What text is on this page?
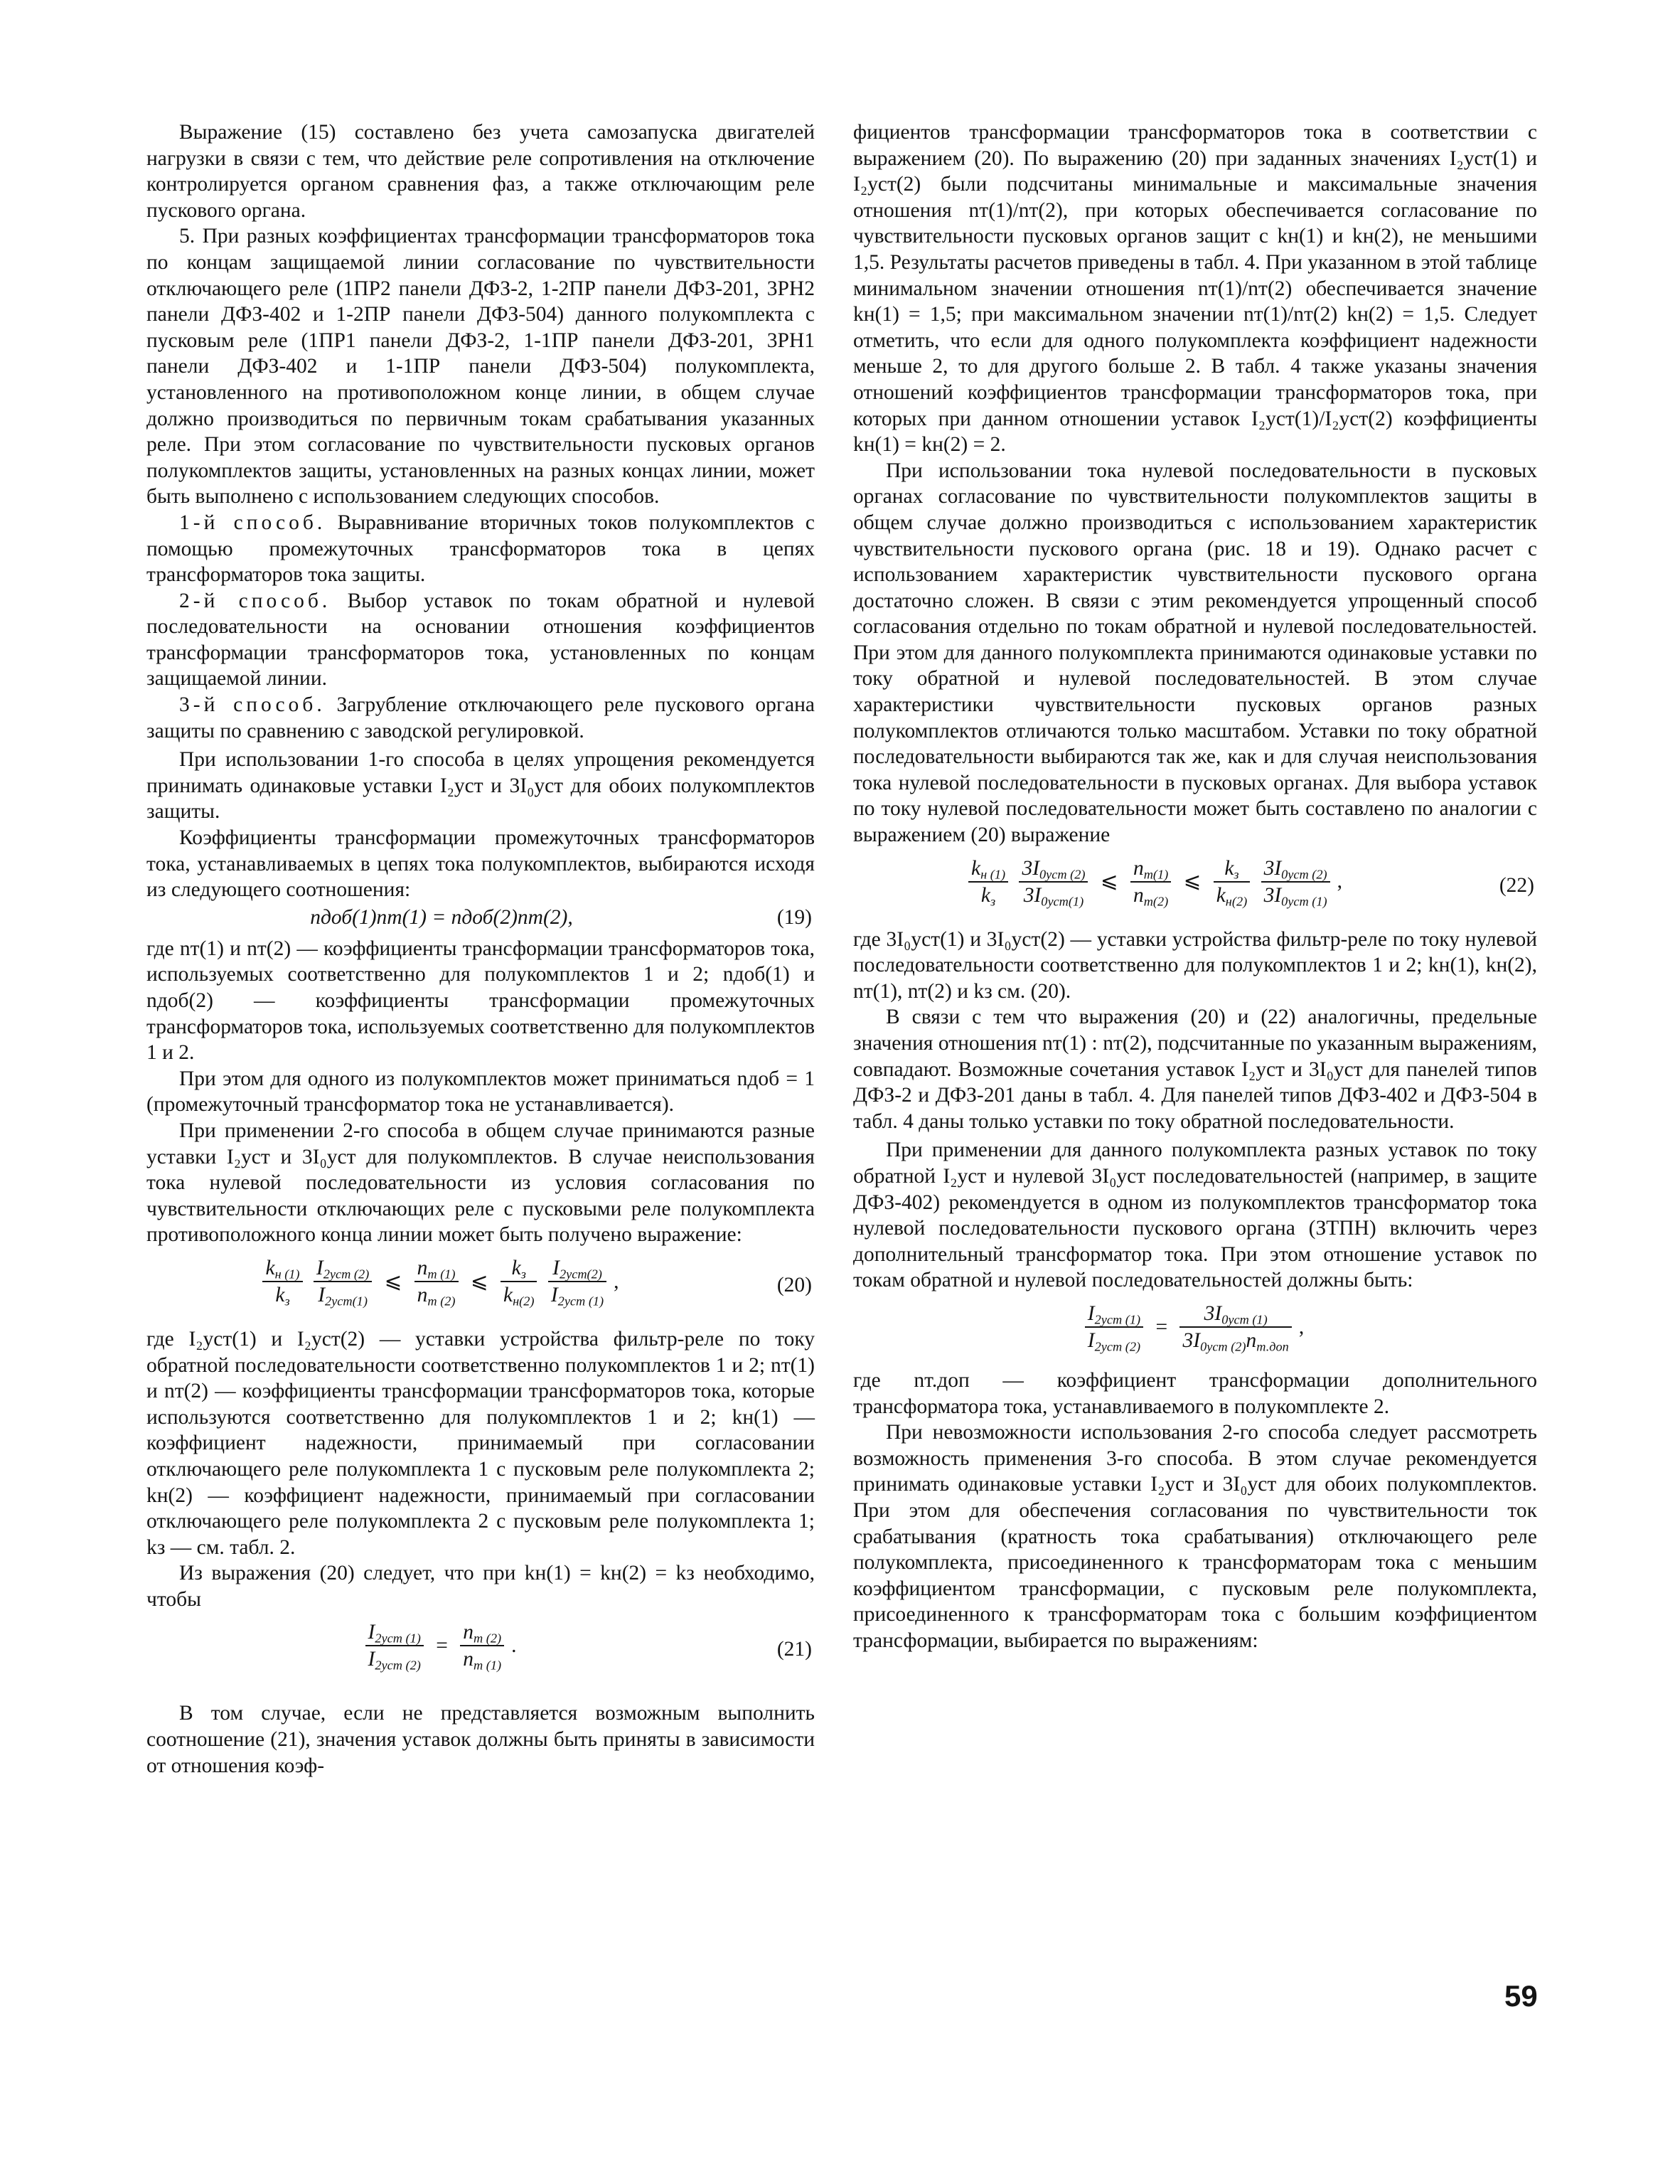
Выражение (15) составлено без учета самозапуска двигателей нагрузки в связи с тем, что действие реле сопротивления на отключение контролируется органом сравнения фаз, а также отключающим реле пускового органа.

5. При разных коэффициентах трансформации трансформаторов тока по концам защищаемой линии согласование по чувствительности отключающего реле (1ПР2 панели ДФЗ-2, 1-2ПР панели ДФЗ-201, 3РН2 панели ДФЗ-402 и 1-2ПР панели ДФЗ-504) данного полукомплекта с пусковым реле (1ПР1 панели ДФЗ-2, 1-1ПР панели ДФЗ-201, 3РН1 панели ДФЗ-402 и 1-1ПР панели ДФЗ-504) полукомплекта, установленного на противоположном конце линии, в общем случае должно производиться по первичным токам срабатывания указанных реле. При этом согласование по чувствительности пусковых органов полукомплектов защиты, установленных на разных концах линии, может быть выполнено с использованием следующих способов.

1-й способ. Выравнивание вторичных токов полукомплектов с помощью промежуточных трансформаторов тока в цепях трансформаторов тока защиты.

2-й способ. Выбор уставок по токам обратной и нулевой последовательности на основании отношения коэффициентов трансформации трансформаторов тока, установленных по концам защищаемой линии.

3-й способ. Загрубление отключающего реле пускового органа защиты по сравнению с заводской регулировкой.

При использовании 1-го способа в целях упрощения рекомендуется принимать одинаковые уставки I₂уст и 3I₀уст для обоих полукомплектов защиты.

Коэффициенты трансформации промежуточных трансформаторов тока, устанавливаемых в цепях тока полукомплектов, выбираются исходя из следующего соотношения:

nдоб(1)nт(1) = nдоб(2)nт(2),	(19)

где nт(1) и nт(2) — коэффициенты трансформации трансформаторов тока, используемых соответственно для полукомплектов 1 и 2; nдоб(1) и nдоб(2) — коэффициенты трансформации промежуточных трансформаторов тока, используемых соответственно для полукомплектов 1 и 2.

При этом для одного из полукомплектов может приниматься nдоб = 1 (промежуточный трансформатор тока не устанавливается).

При применении 2-го способа в общем случае принимаются разные уставки I₂уст и 3I₀уст для полукомплектов. В случае неиспользования тока нулевой последовательности из условия согласования по чувствительности отключающих реле с пусковыми реле полукомплекта противоположного конца линии может быть получено выражение:

$\frac{k_{н (1)}}{k_з}$
$\frac{I_{2уст (2)}}{I_{2уст(1)}}$ ⩽ $\frac{n_{т (1)}}{n_{т (2)}}$ ⩽ $\frac{k_з}{k_{н(2)}}$
$\frac{I_{2уст(2)}}{I_{2уст (1)}}$ ,	(20)

где I₂уст(1) и I₂уст(2) — уставки устройства фильтр-реле по току обратной последовательности соответственно полукомплектов 1 и 2; nт(1) и nт(2) — коэффициенты трансформации трансформаторов тока, которые используются соответственно для полукомплектов 1 и 2; kн(1) — коэффициент надежности, принимаемый при согласовании отключающего реле полукомплекта 1 с пусковым реле полукомплекта 2; kн(2) — коэффициент надежности, принимаемый при согласовании отключающего реле полукомплекта 2 с пусковым реле полукомплекта 1; kз — см. табл. 2.

Из выражения (20) следует, что при kн(1) = kн(2) = kз необходимо, чтобы

$\frac{I_{2уст (1)}}{I_{2уст (2)}} = \frac{n_{т (2)}}{n_{т (1)}}$ .	(21)

В том случае, если не представляется возможным выполнить соотношение (21), значения уставок должны быть приняты в зависимости от отношения коэф-

фициентов трансформации трансформаторов тока в соответствии с выражением (20). По выражению (20) при заданных значениях I₂уст(1) и I₂уст(2) были подсчитаны минимальные и максимальные значения отношения nт(1)/nт(2), при которых обеспечивается согласование по чувствительности пусковых органов защит с kн(1) и kн(2), не меньшими 1,5. Результаты расчетов приведены в табл. 4. При указанном в этой таблице минимальном значении отношения nт(1)/nт(2) обеспечивается значение kн(1) = 1,5; при максимальном значении nт(1)/nт(2) kн(2) = 1,5. Следует отметить, что если для одного полукомплекта коэффициент надежности меньше 2, то для другого больше 2. В табл. 4 также указаны значения отношений коэффициентов трансформации трансформаторов тока, при которых при данном отношении уставок I₂уст(1)/I₂уст(2) коэффициенты kн(1) = kн(2) = 2.

При использовании тока нулевой последовательности в пусковых органах согласование по чувствительности полукомплектов защиты в общем случае должно производиться с использованием характеристик чувствительности пускового органа (рис. 18 и 19). Однако расчет с использованием характеристик чувствительности пускового органа достаточно сложен. В связи с этим рекомендуется упрощенный способ согласования отдельно по токам обратной и нулевой последовательностей. При этом для данного полукомплекта принимаются одинаковые уставки по току обратной и нулевой последовательностей. В этом случае характеристики чувствительности пусковых органов разных полукомплектов отличаются только масштабом. Уставки по току обратной последовательности выбираются так же, как и для случая неиспользования тока нулевой последовательности в пусковых органах. Для выбора уставок по току нулевой последовательности может быть составлено по аналогии с выражением (20) выражение

$\frac{k_{н (1)}}{k_з}$
$\frac{3I_{0уст (2)}}{3I_{0уст(1)}}$ ⩽ $\frac{n_{т(1)}}{n_{т(2)}}$ ⩽ $\frac{k_з}{k_{н(2)}}$
$\frac{3I_{0уст (2)}}{3I_{0уст (1)}}$ ,	(22)

где 3I₀уст(1) и 3I₀уст(2) — уставки устройства фильтр-реле по току нулевой последовательности соответственно для полукомплектов 1 и 2; kн(1), kн(2), nт(1), nт(2) и kз см. (20).

В связи с тем что выражения (20) и (22) аналогичны, предельные значения отношения nт(1) : nт(2), подсчитанные по указанным выражениям, совпадают. Возможные сочетания уставок I₂уст и 3I₀уст для панелей типов ДФЗ-2 и ДФЗ-201 даны в табл. 4. Для панелей типов ДФЗ-402 и ДФЗ-504 в табл. 4 даны только уставки по току обратной последовательности.

При применении для данного полукомплекта разных уставок по току обратной I₂уст и нулевой 3I₀уст последовательностей (например, в защите ДФЗ-402) рекомендуется в одном из полукомплектов трансформатор тока нулевой последовательности пускового органа (ЗТПН) включить через дополнительный трансформатор тока. При этом отношение уставок по токам обратной и нулевой последовательностей должны быть:

$\frac{I_{2уст (1)}}{I_{2уст (2)}} = \frac{3I_{0уст (1)}}{3I_{0уст (2)}n_{т.доп}}$ ,

где nт.доп — коэффициент трансформации дополнительного трансформатора тока, устанавливаемого в полукомплекте 2.

При невозможности использования 2-го способа следует рассмотреть возможность применения 3-го способа. В этом случае рекомендуется принимать одинаковые уставки I₂уст и 3I₀уст для обоих полукомплектов. При этом для обеспечения согласования по чувствительности ток срабатывания (кратность тока срабатывания) отключающего реле полукомплекта, присоединенного к трансформаторам тока с меньшим коэффициентом трансформации, с пусковым реле полукомплекта, присоединенного к трансформаторам тока с большим коэффициентом трансформации, выбирается по выражениям:

59
